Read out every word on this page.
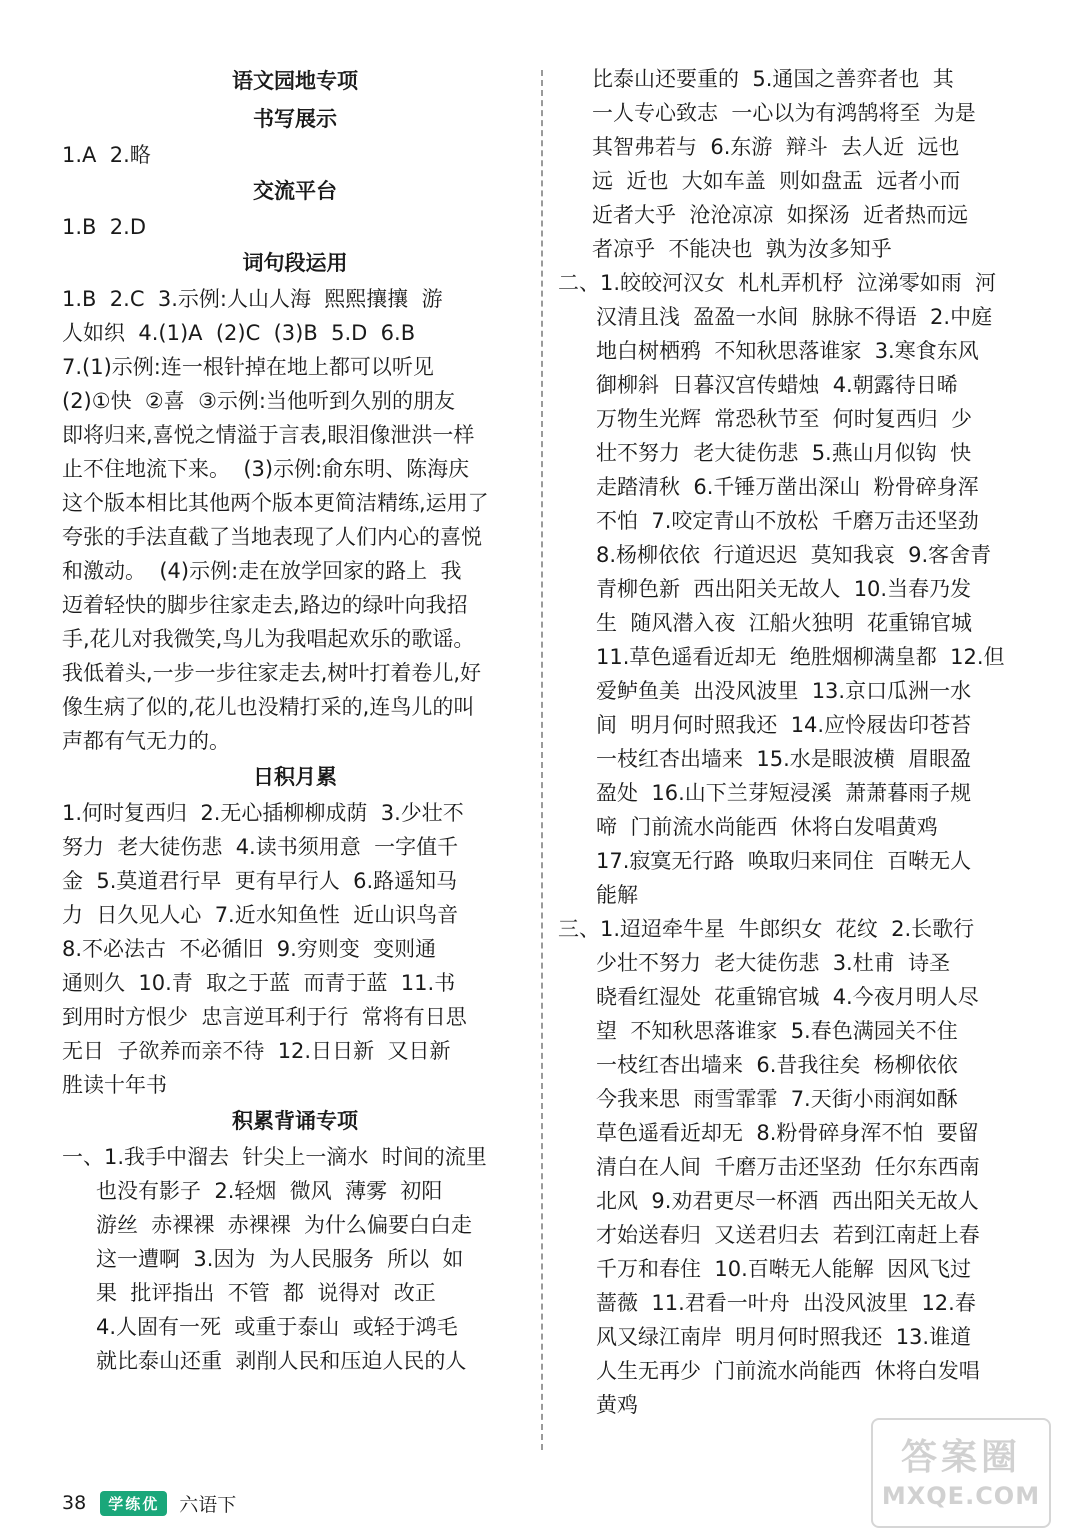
语文园地专项
书写展示
1.A  2.略
交流平台
1.B  2.D
词句段运用
1.B  2.C  3.示例:人山人海  熙熙攘攘  游
人如织  4.(1)A  (2)C  (3)B  5.D  6.B
7.(1)示例:连一根针掉在地上都可以听见
(2)①快  ②喜  ③示例:当他听到久别的朋友
即将归来,喜悦之情溢于言表,眼泪像泄洪一样
止不住地流下来。  (3)示例:俞东明、陈海庆
这个版本相比其他两个版本更简洁精练,运用了
夸张的手法直截了当地表现了人们内心的喜悦
和激动。  (4)示例:走在放学回家的路上  我
迈着轻快的脚步往家走去,路边的绿叶向我招
手,花儿对我微笑,鸟儿为我唱起欢乐的歌谣。
我低着头,一步一步往家走去,树叶打着卷儿,好
像生病了似的,花儿也没精打采的,连鸟儿的叫
声都有气无力的。
日积月累
1.何时复西归  2.无心插柳柳成荫  3.少壮不
努力  老大徒伤悲  4.读书须用意  一字值千
金  5.莫道君行早  更有早行人  6.路遥知马
力  日久见人心  7.近水知鱼性  近山识鸟音
8.不必法古  不必循旧  9.穷则变  变则通
通则久  10.青  取之于蓝  而青于蓝  11.书
到用时方恨少  忠言逆耳利于行  常将有日思
无日  子欲养而亲不待  12.日日新  又日新
胜读十年书
积累背诵专项
一、1.我手中溜去  针尖上一滴水  时间的流里
也没有影子  2.轻烟  微风  薄雾  初阳
游丝  赤裸裸  赤裸裸  为什么偏要白白走
这一遭啊  3.因为  为人民服务  所以  如
果  批评指出  不管  都  说得对  改正
4.人固有一死  或重于泰山  或轻于鸿毛
就比泰山还重  剥削人民和压迫人民的人
比泰山还要重的  5.通国之善弈者也  其
一人专心致志  一心以为有鸿鹄将至  为是
其智弗若与  6.东游  辩斗  去人近  远也
远  近也  大如车盖  则如盘盂  远者小而
近者大乎  沧沧凉凉  如探汤  近者热而远
者凉乎  不能决也  孰为汝多知乎
二、1.皎皎河汉女  札札弄机杼  泣涕零如雨  河
汉清且浅  盈盈一水间  脉脉不得语  2.中庭
地白树栖鸦  不知秋思落谁家  3.寒食东风
御柳斜  日暮汉宫传蜡烛  4.朝露待日晞
万物生光辉  常恐秋节至  何时复西归  少
壮不努力  老大徒伤悲  5.燕山月似钩  快
走踏清秋  6.千锤万凿出深山  粉骨碎身浑
不怕  7.咬定青山不放松  千磨万击还坚劲
8.杨柳依依  行道迟迟  莫知我哀  9.客舍青
青柳色新  西出阳关无故人  10.当春乃发
生  随风潜入夜  江船火独明  花重锦官城
11.草色遥看近却无  绝胜烟柳满皇都  12.但
爱鲈鱼美  出没风波里  13.京口瓜洲一水
间  明月何时照我还  14.应怜屐齿印苍苔
一枝红杏出墙来  15.水是眼波横  眉眼盈
盈处  16.山下兰芽短浸溪  萧萧暮雨子规
啼  门前流水尚能西  休将白发唱黄鸡
17.寂寞无行路  唤取归来同住  百啭无人
能解
三、1.迢迢牵牛星  牛郎织女  花纹  2.长歌行
少壮不努力  老大徒伤悲  3.杜甫  诗圣
晓看红湿处  花重锦官城  4.今夜月明人尽
望  不知秋思落谁家  5.春色满园关不住
一枝红杏出墙来  6.昔我往矣  杨柳依依
今我来思  雨雪霏霏  7.天街小雨润如酥
草色遥看近却无  8.粉骨碎身浑不怕  要留
清白在人间  千磨万击还坚劲  任尔东西南
北风  9.劝君更尽一杯酒  西出阳关无故人
才始送春归  又送君归去  若到江南赶上春
千万和春住  10.百啭无人能解  因风飞过
蔷薇  11.君看一叶舟  出没风波里  12.春
风又绿江南岸  明月何时照我还  13.谁道
人生无再少  门前流水尚能西  休将白发唱
黄鸡
38	学练优	六语下
答案圈
MXQE.COM
